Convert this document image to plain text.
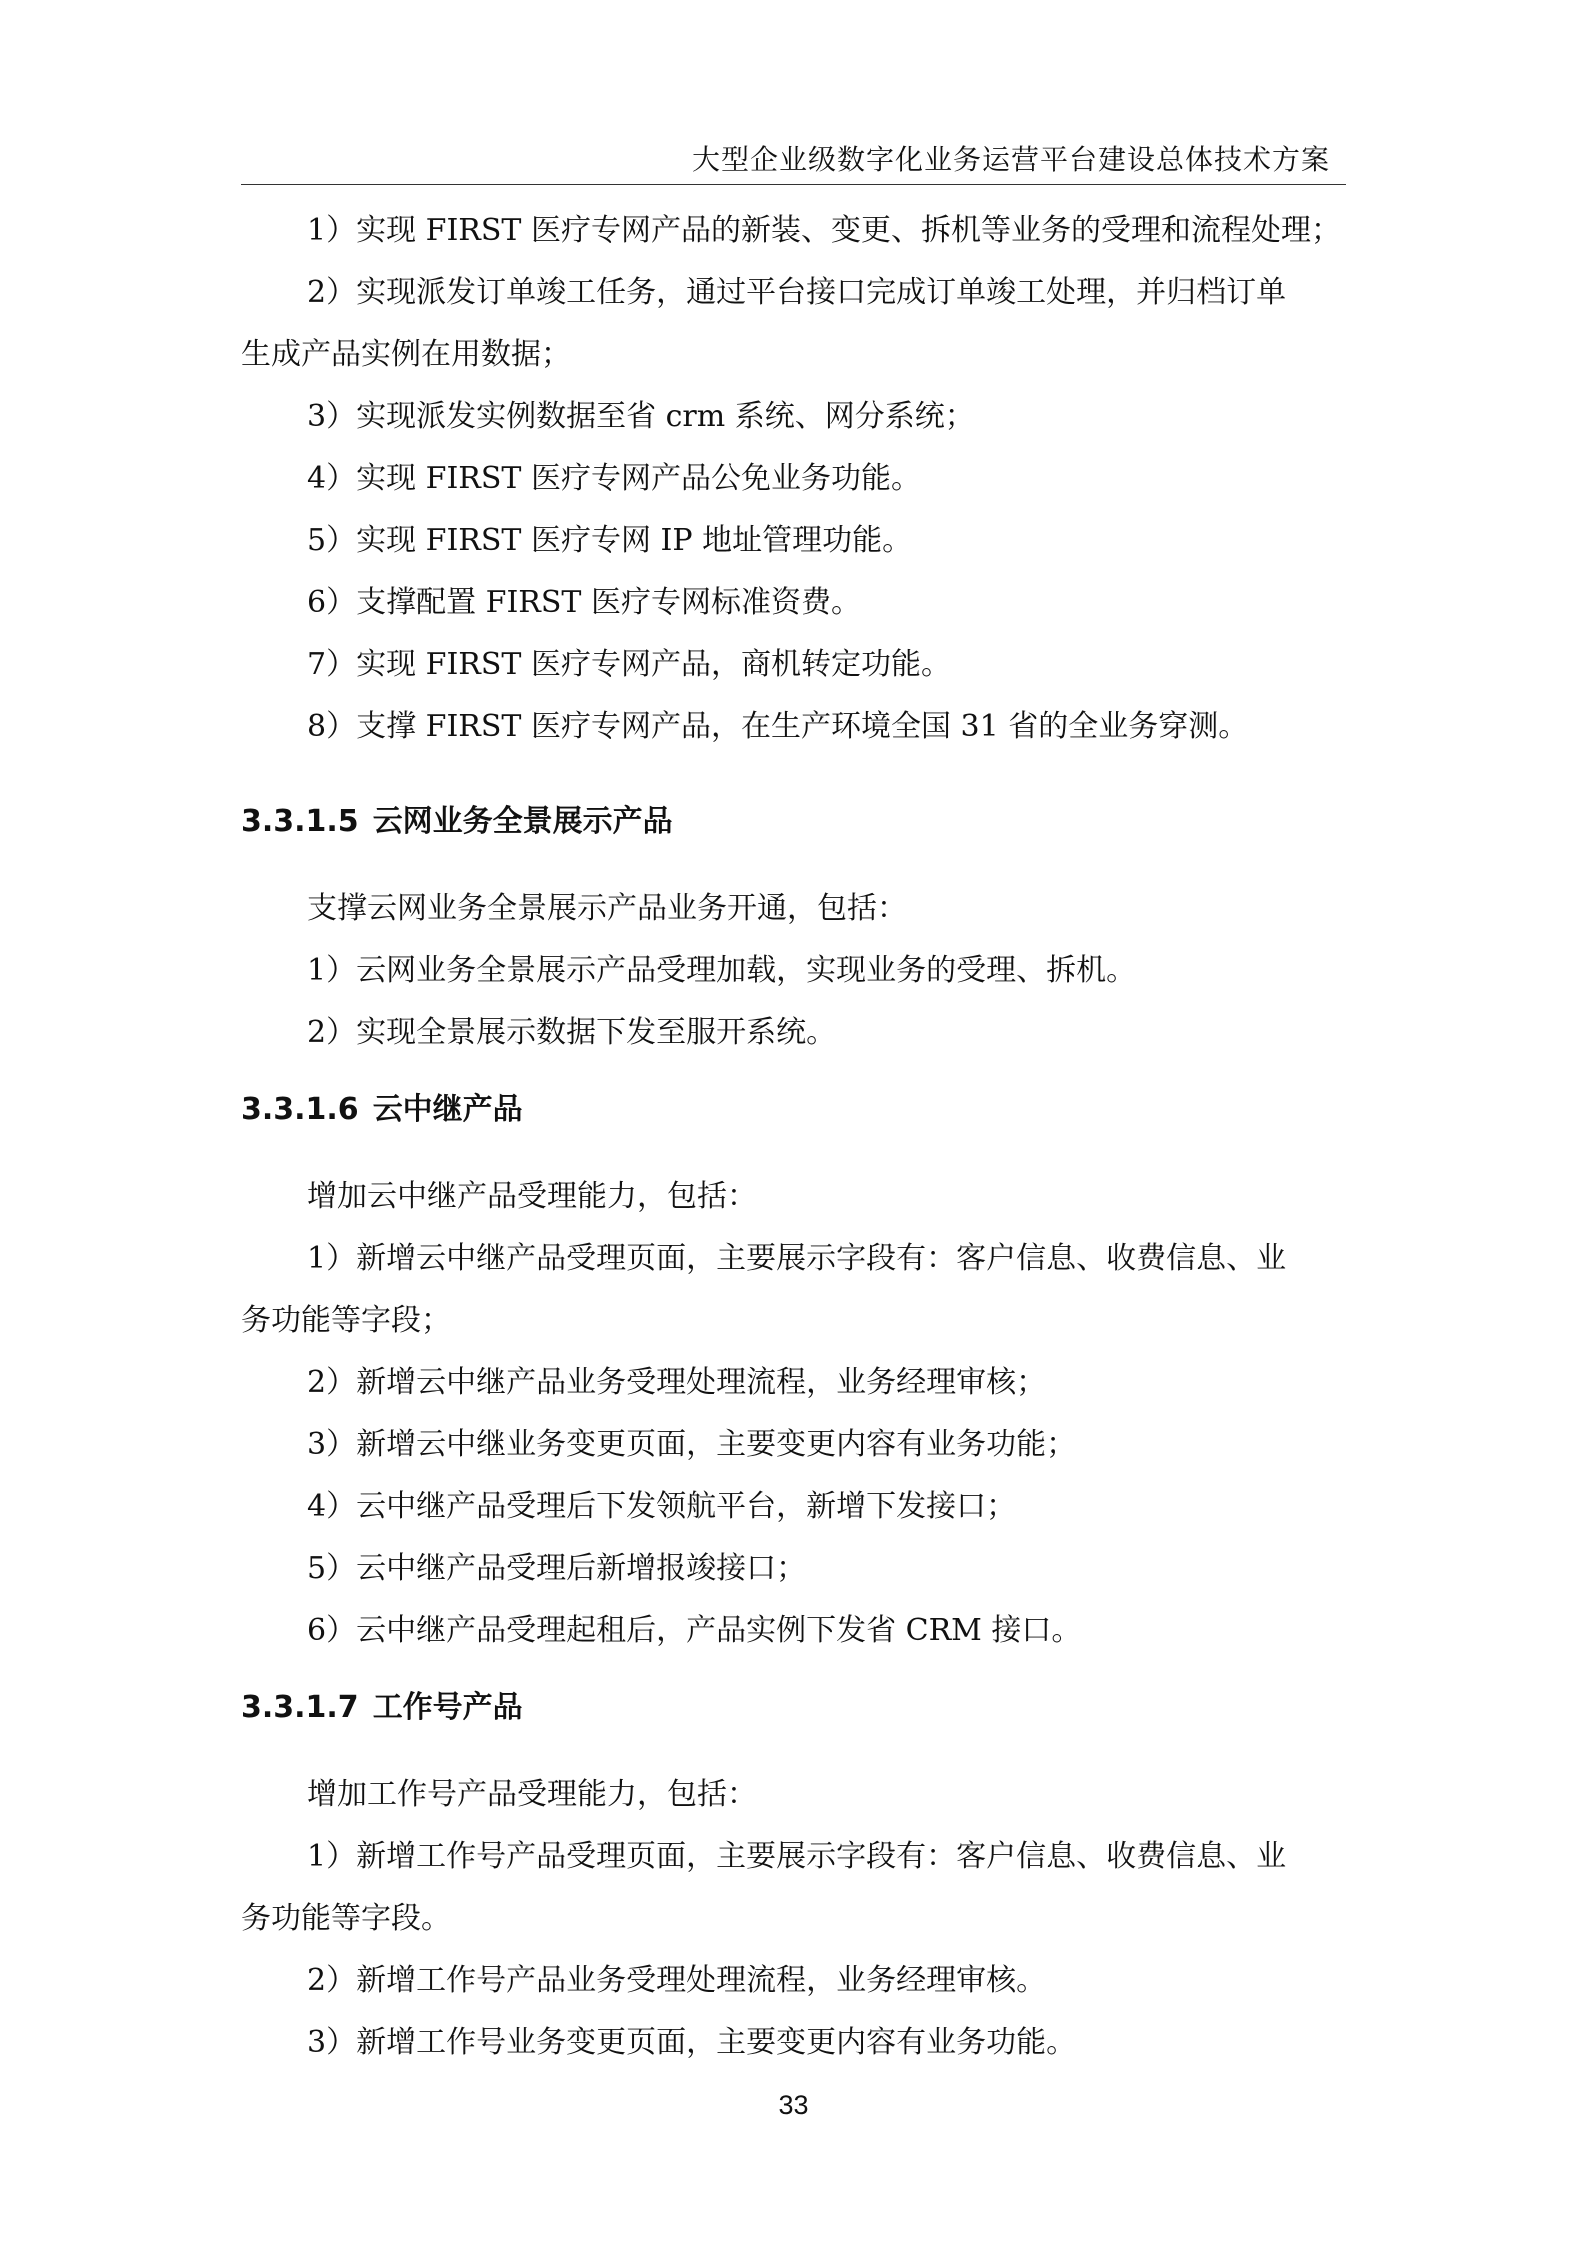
大型企业级数字化业务运营平台建设总体技术方案

1）实现 FIRST 医疗专网产品的新装、变更、拆机等业务的受理和流程处理；

2）实现派发订单竣工任务，通过平台接口完成订单竣工处理，并归档订单

生成产品实例在用数据；

3）实现派发实例数据至省 crm 系统、网分系统；

4）实现 FIRST 医疗专网产品公免业务功能。

5）实现 FIRST 医疗专网 IP 地址管理功能。

6）支撑配置 FIRST 医疗专网标准资费。

7）实现 FIRST 医疗专网产品，商机转定功能。

8）支撑 FIRST 医疗专网产品，在生产环境全国 31 省的全业务穿测。

3.3.1.5 云网业务全景展示产品

支撑云网业务全景展示产品业务开通，包括：

1）云网业务全景展示产品受理加载，实现业务的受理、拆机。

2）实现全景展示数据下发至服开系统。

3.3.1.6 云中继产品

增加云中继产品受理能力，包括：

1）新增云中继产品受理页面，主要展示字段有：客户信息、收费信息、业

务功能等字段；

2）新增云中继产品业务受理处理流程，业务经理审核；

3）新增云中继业务变更页面，主要变更内容有业务功能；

4）云中继产品受理后下发领航平台，新增下发接口；

5）云中继产品受理后新增报竣接口；

6）云中继产品受理起租后，产品实例下发省 CRM 接口。

3.3.1.7 工作号产品

增加工作号产品受理能力，包括：

1）新增工作号产品受理页面，主要展示字段有：客户信息、收费信息、业

务功能等字段。

2）新增工作号产品业务受理处理流程，业务经理审核。

3）新增工作号业务变更页面，主要变更内容有业务功能。

33
